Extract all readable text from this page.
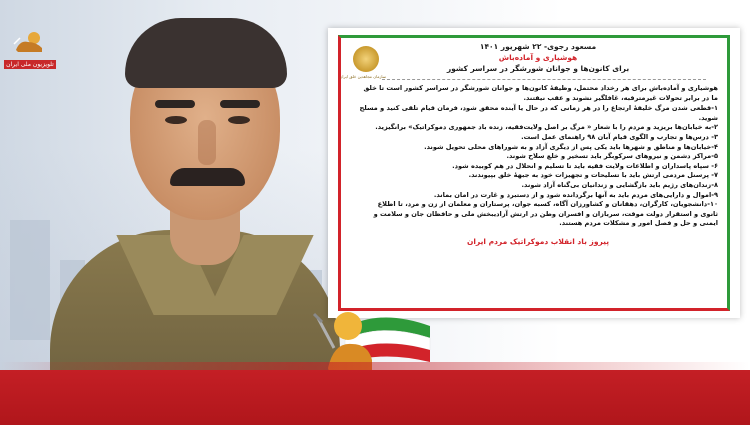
تلویزیون ملی ایران
سازمان مجاهدین خلق ایران
مسعود رجوی- ۲۲ شهریور ۱۴۰۱
هوشیاری و آماده‌باش
برای کانون‌ها و جوانان شورشگر در سراسر کشور
هوشیاری و آماده‌باش برای هر رخداد محتمل، وظیفهٔ کانون‌ها و جوانان شورشگر در سراسر کشور است تا خلق ما در برابر تحولات غیرمترقبه، غافلگیر نشوند و عقب نیفتند.
۱-قطعی شدن مرگ خلیفهٔ ارتجاع را در هر زمانی که در حال یا آینده محقق شود، فرمان قیام تلقی کنید و مسلح شوید.
۲-به خیابان‌ها بریزید و مردم را با شعار « مرگ بر اصل ولایت‌فقیه، زنده باد جمهوری دموکراتیک» برانگیزید.
۳- درس‌ها و تجارب و الگوی قیام آبان ۹۸ راهنمای عمل است.
۴-خیابان‌ها و مناطق و شهرها باید یکی پس از دیگری آزاد و به شوراهای محلی تحویل شوند.
۵-مراکز دشمن و نیروهای سرکوبگر باید تسخیر و خلع سلاح شوند.
۶- سپاه پاسداران و اطلاعات ولایت فقیه باید تا تسلیم و انحلال در هم کوبیده شود.
۷- پرسنل مردمی ارتش باید با تسلیحات و تجهیزات خود به جبههٔ خلق بپیوندند.
۸-زندان‌های رژیم باید بازگشایی و زندانیان بی‌گناه آزاد شوند.
۹-اموال و دارایی‌های مردم باید به آنها برگردانده شود و از دستبرد و غارت در امان بماند.
۱۰-دانشجویان، کارگران، دهقانان و کشاورزان آگاه، کسبه جوان، پرستاران و معلمان از زن و مرد، تا اطلاع ثانوی و استقرار دولت موقت، سربازان و افسران وطن در ارتش آزادیبخش ملی و حافظان جان و سلامت و ایمنی و حل و فصل امور و مشکلات مردم هستند.
پیروز باد انقلاب دموکراتیک مردم ایران
